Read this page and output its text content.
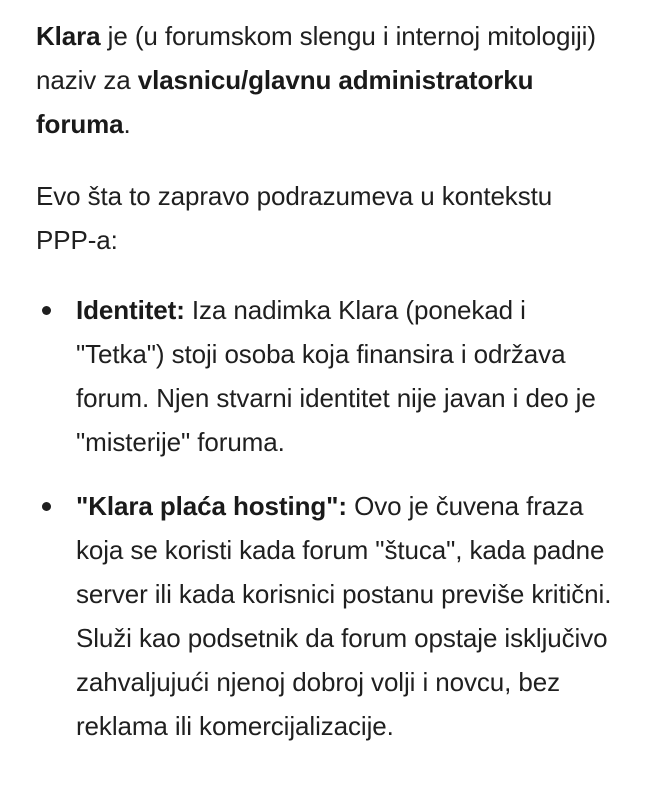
Klara je (u forumskom slengu i internoj mitologiji) naziv za vlasnicu/glavnu administratorku foruma.

Evo šta to zapravo podrazumeva u kontekstu PPP-a:

Identitet: Iza nadimka Klara (ponekad i "Tetka") stoji osoba koja finansira i održava forum. Njen stvarni identitet nije javan i deo je "misterije" foruma.
"Klara plaća hosting": Ovo je čuvena fraza koja se koristi kada forum "štuca", kada padne server ili kada korisnici postanu previše kritični. Služi kao podsetnik da forum opstaje isključivo zahvaljujući njenoj dobroj volji i novcu, bez reklama ili komercijalizacije.
